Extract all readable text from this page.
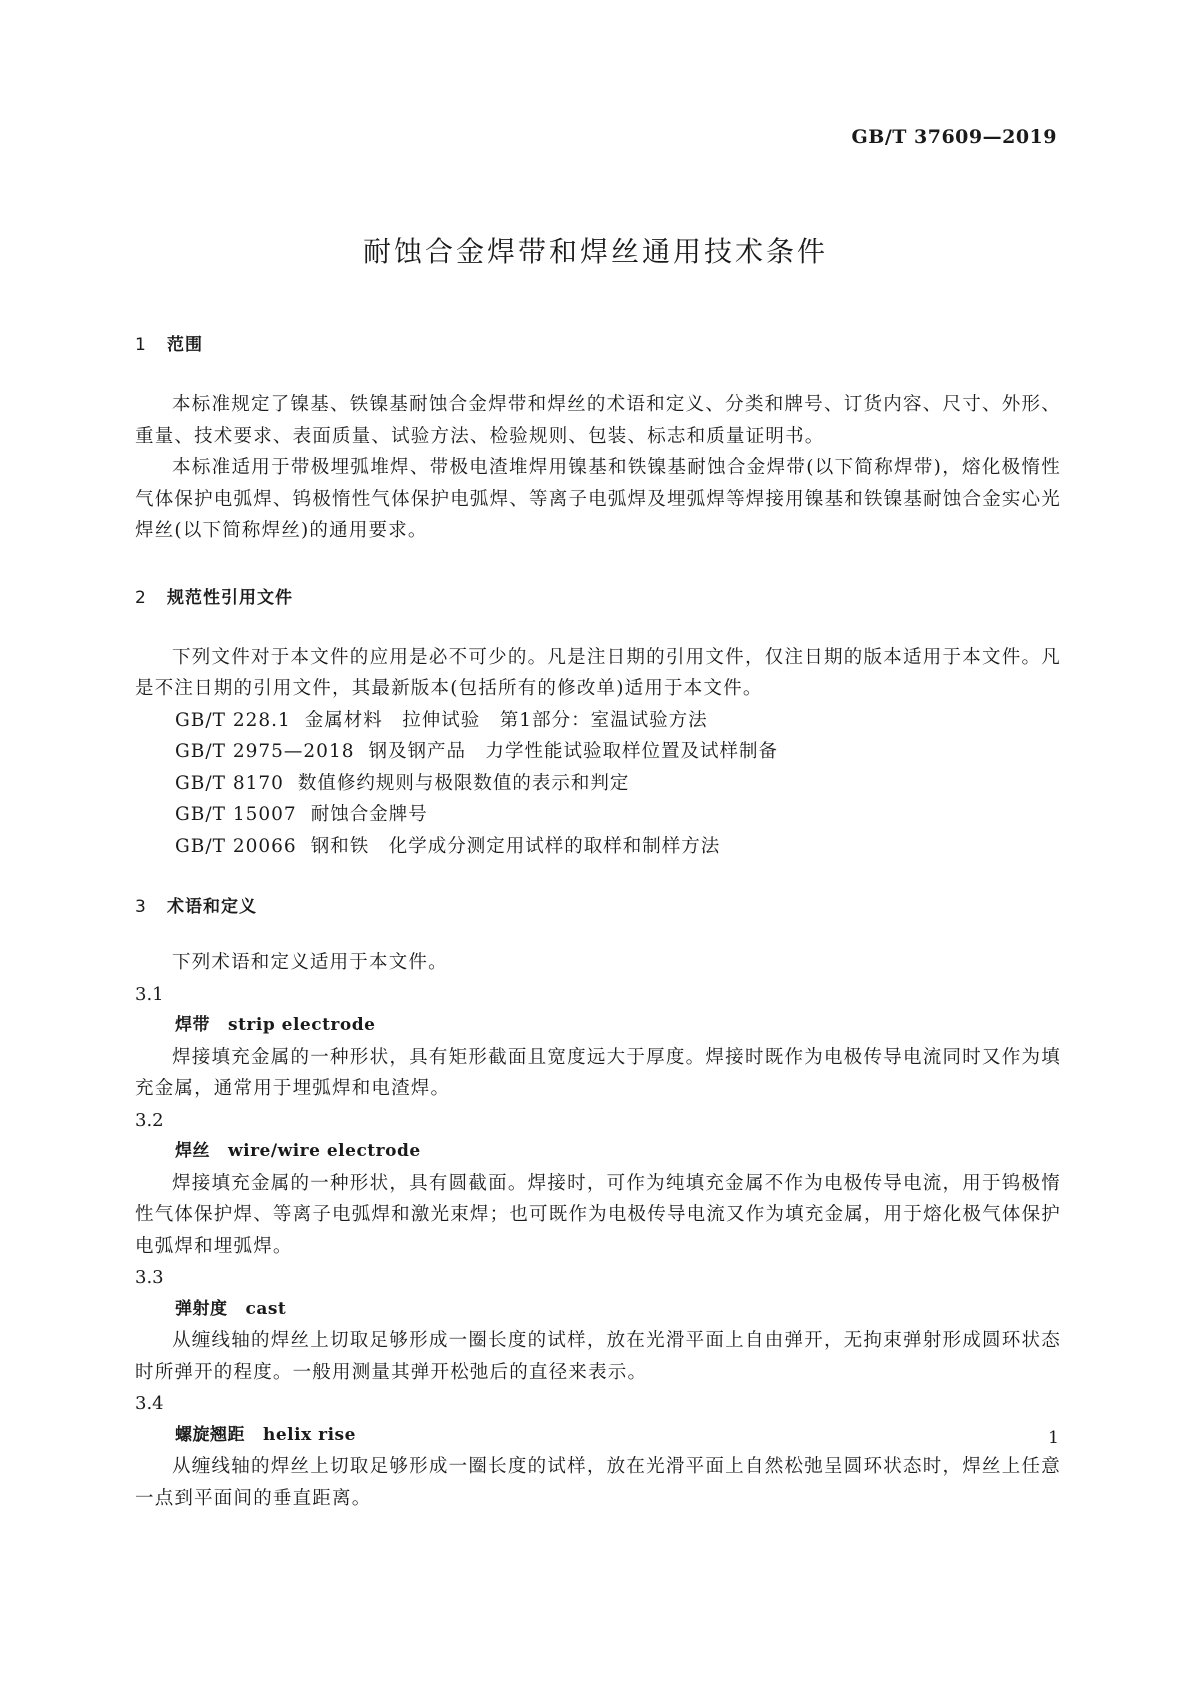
GB/T 37609—2019
耐蚀合金焊带和焊丝通用技术条件
1	范围

本标准规定了镍基、铁镍基耐蚀合金焊带和焊丝的术语和定义、分类和牌号、订货内容、尺寸、外形、重量、技术要求、表面质量、试验方法、检验规则、包装、标志和质量证明书。

本标准适用于带极埋弧堆焊、带极电渣堆焊用镍基和铁镍基耐蚀合金焊带(以下简称焊带)，熔化极惰性气体保护电弧焊、钨极惰性气体保护电弧焊、等离子电弧焊及埋弧焊等焊接用镍基和铁镍基耐蚀合金实心光焊丝(以下简称焊丝)的通用要求。

2	规范性引用文件

下列文件对于本文件的应用是必不可少的。凡是注日期的引用文件，仅注日期的版本适用于本文件。凡是不注日期的引用文件，其最新版本(包括所有的修改单)适用于本文件。

GB/T 228.1 金属材料　拉伸试验　第1部分：室温试验方法
GB/T 2975—2018 钢及钢产品　力学性能试验取样位置及试样制备
GB/T 8170 数值修约规则与极限数值的表示和判定
GB/T 15007 耐蚀合金牌号
GB/T 20066 钢和铁　化学成分测定用试样的取样和制样方法
3	术语和定义

下列术语和定义适用于本文件。

3.1
焊带 strip electrode

焊接填充金属的一种形状，具有矩形截面且宽度远大于厚度。焊接时既作为电极传导电流同时又作为填充金属，通常用于埋弧焊和电渣焊。

3.2
焊丝 wire/wire electrode

焊接填充金属的一种形状，具有圆截面。焊接时，可作为纯填充金属不作为电极传导电流，用于钨极惰性气体保护焊、等离子电弧焊和激光束焊；也可既作为电极传导电流又作为填充金属，用于熔化极气体保护电弧焊和埋弧焊。

3.3
弹射度 cast

从缠线轴的焊丝上切取足够形成一圈长度的试样，放在光滑平面上自由弹开，无拘束弹射形成圆环状态时所弹开的程度。一般用测量其弹开松弛后的直径来表示。

3.4
螺旋翘距 helix rise

从缠线轴的焊丝上切取足够形成一圈长度的试样，放在光滑平面上自然松弛呈圆环状态时，焊丝上任意一点到平面间的垂直距离。

1
